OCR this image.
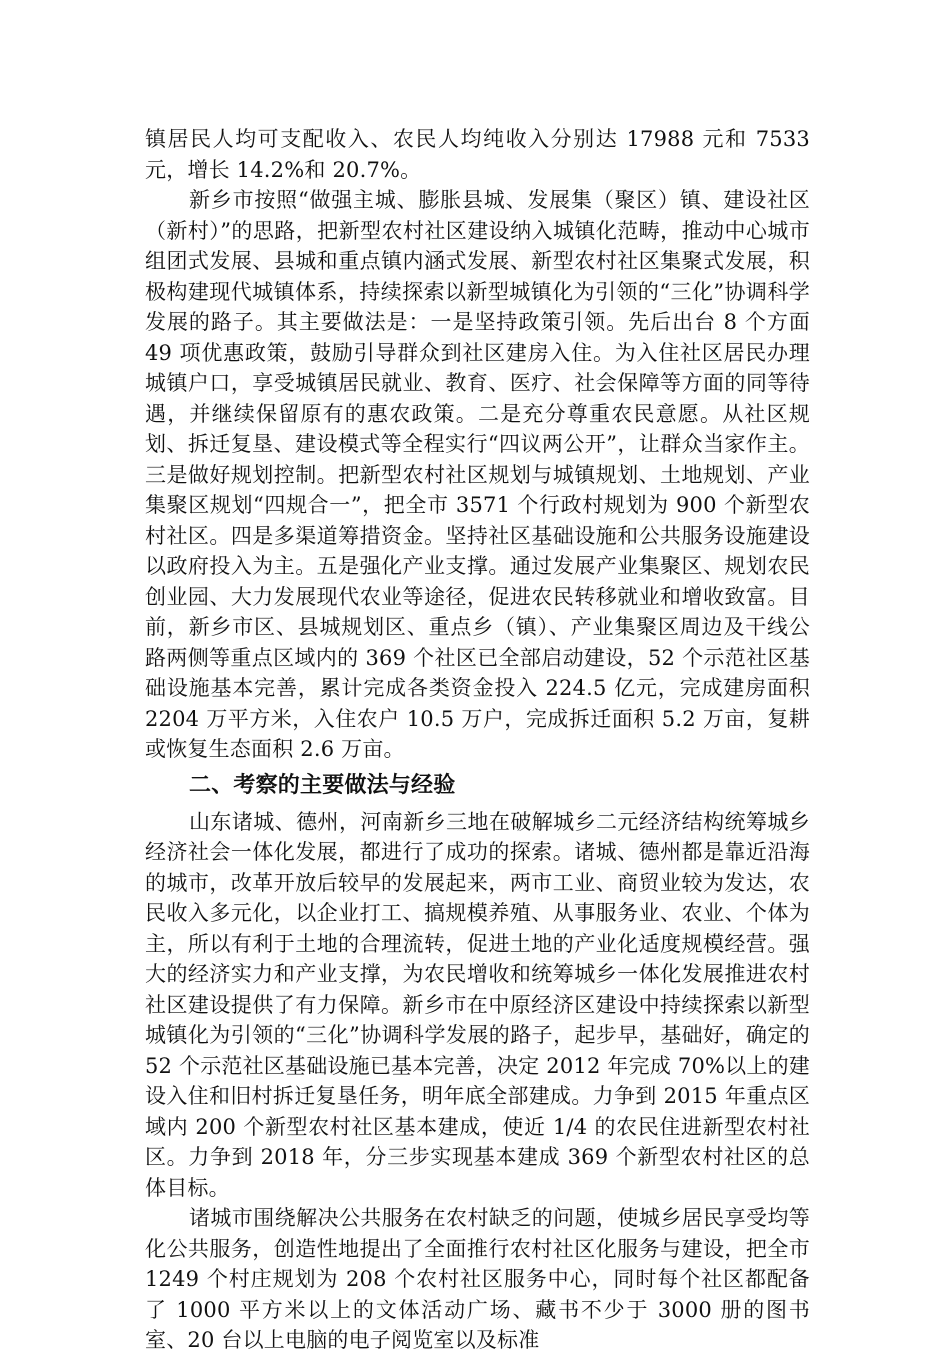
镇居民人均可支配收入、农民人均纯收入分别达 17988 元和 7533 元，增长 14.2%和 20.7%。

新乡市按照“做强主城、膨胀县城、发展集（聚区）镇、建设社区（新村）”的思路，把新型农村社区建设纳入城镇化范畴，推动中心城市组团式发展、县城和重点镇内涵式发展、新型农村社区集聚式发展，积极构建现代城镇体系，持续探索以新型城镇化为引领的“三化”协调科学发展的路子。其主要做法是：一是坚持政策引领。先后出台 8 个方面 49 项优惠政策，鼓励引导群众到社区建房入住。为入住社区居民办理城镇户口，享受城镇居民就业、教育、医疗、社会保障等方面的同等待遇，并继续保留原有的惠农政策。二是充分尊重农民意愿。从社区规划、拆迁复垦、建设模式等全程实行“四议两公开”，让群众当家作主。三是做好规划控制。把新型农村社区规划与城镇规划、土地规划、产业集聚区规划“四规合一”，把全市 3571 个行政村规划为 900 个新型农村社区。四是多渠道筹措资金。坚持社区基础设施和公共服务设施建设以政府投入为主。五是强化产业支撑。通过发展产业集聚区、规划农民创业园、大力发展现代农业等途径，促进农民转移就业和增收致富。目前，新乡市区、县城规划区、重点乡（镇）、产业集聚区周边及干线公路两侧等重点区域内的 369 个社区已全部启动建设，52 个示范社区基础设施基本完善，累计完成各类资金投入 224.5 亿元，完成建房面积 2204 万平方米，入住农户 10.5 万户，完成拆迁面积 5.2 万亩，复耕或恢复生态面积 2.6 万亩。

二、考察的主要做法与经验

山东诸城、德州，河南新乡三地在破解城乡二元经济结构统筹城乡经济社会一体化发展，都进行了成功的探索。诸城、德州都是靠近沿海的城市，改革开放后较早的发展起来，两市工业、商贸业较为发达，农民收入多元化，以企业打工、搞规模养殖、从事服务业、农业、个体为主，所以有利于土地的合理流转，促进土地的产业化适度规模经营。强大的经济实力和产业支撑，为农民增收和统筹城乡一体化发展推进农村社区建设提供了有力保障。新乡市在中原经济区建设中持续探索以新型城镇化为引领的“三化”协调科学发展的路子，起步早，基础好，确定的 52 个示范社区基础设施已基本完善，决定 2012 年完成 70%以上的建设入住和旧村拆迁复垦任务，明年底全部建成。力争到 2015 年重点区域内 200 个新型农村社区基本建成，使近 1/4 的农民住进新型农村社区。力争到 2018 年，分三步实现基本建成 369 个新型农村社区的总体目标。

诸城市围绕解决公共服务在农村缺乏的问题，使城乡居民享受均等化公共服务，创造性地提出了全面推行农村社区化服务与建设，把全市 1249 个村庄规划为 208 个农村社区服务中心，同时每个社区都配备了 1000 平方米以上的文体活动广场、藏书不少于 3000 册的图书室、20 台以上电脑的电子阅览室以及标准
